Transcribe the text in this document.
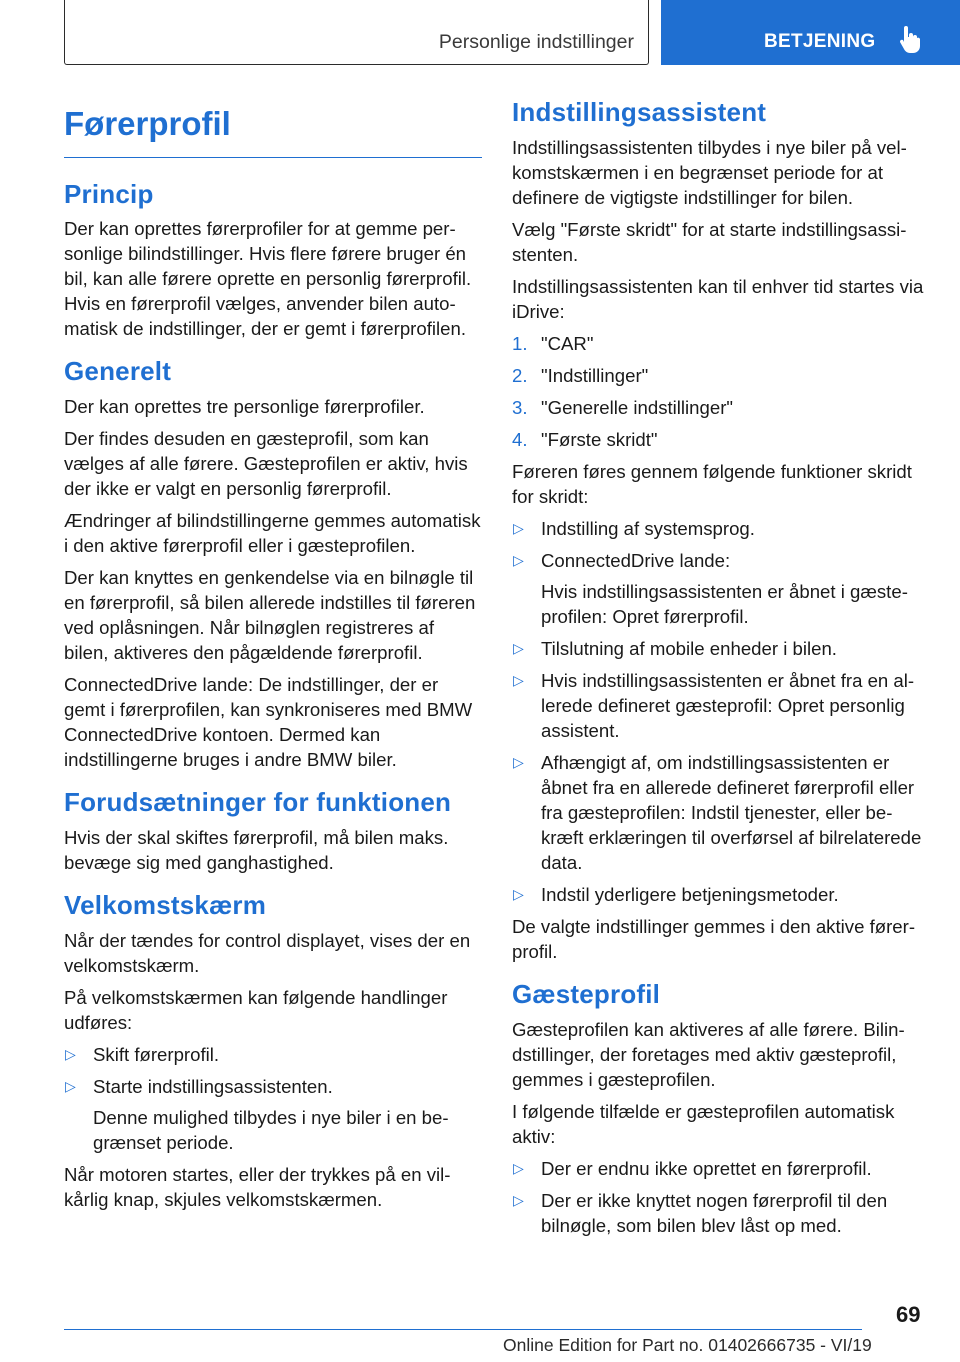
Personlige indstillinger	BETJENING
Førerprofil
Princip

Der kan oprettes førerprofiler for at gemme personlige bilindstillinger. Hvis flere førere bruger én bil, kan alle førere oprette en personlig førerprofil. Hvis en førerprofil vælges, anvender bilen automatisk de indstillinger, der er gemt i førerprofilen.

Generelt

Der kan oprettes tre personlige førerprofiler.

Der findes desuden en gæsteprofil, som kan vælges af alle førere. Gæsteprofilen er aktiv, hvis der ikke er valgt en personlig førerprofil.

Ændringer af bilindstillingerne gemmes automatisk i den aktive førerprofil eller i gæsteprofilen.

Der kan knyttes en genkendelse via en bilnøgle til en førerprofil, så bilen allerede indstilles til føreren ved oplåsningen. Når bilnøglen registreres af bilen, aktiveres den pågældende førerprofil.

ConnectedDrive lande: De indstillinger, der er gemt i førerprofilen, kan synkroniseres med BMW ConnectedDrive kontoen. Dermed kan indstillingerne bruges i andre BMW biler.

Forudsætninger for funktionen

Hvis der skal skiftes førerprofil, må bilen maks. bevæge sig med ganghastighed.

Velkomstskærm

Når der tændes for control displayet, vises der en velkomstskærm.

På velkomstskærmen kan følgende handlinger udføres:

▷ Skift førerprofil.
▷ Starte indstillingsassistenten.
Denne mulighed tilbydes i nye biler i en begrænset periode.

Når motoren startes, eller der trykkes på en vilkårlig knap, skjules velkomstskærmen.

Indstillingsassistent

Indstillingsassistenten tilbydes i nye biler på velkomstskærmen i en begrænset periode for at definere de vigtigste indstillinger for bilen.

Vælg "Første skridt" for at starte indstillingsassistenten.

Indstillingsassistenten kan til enhver tid startes via iDrive:

1. "CAR"
2. "Indstillinger"
3. "Generelle indstillinger"
4. "Første skridt"

Føreren føres gennem følgende funktioner skridt for skridt:

▷ Indstilling af systemsprog.
▷ ConnectedDrive lande:
Hvis indstillingsassistenten er åbnet i gæsteprofilen: Opret førerprofil.
▷ Tilslutning af mobile enheder i bilen.
▷ Hvis indstillingsassistenten er åbnet fra en allerede defineret gæsteprofil: Opret personlig assistent.
▷ Afhængigt af, om indstillingsassistenten er åbnet fra en allerede defineret førerprofil eller fra gæsteprofilen: Indstil tjenester, eller bekræft erklæringen til overførsel af bilrelaterede data.
▷ Indstil yderligere betjeningsmetoder.

De valgte indstillinger gemmes i den aktive førerprofil.

Gæsteprofil

Gæsteprofilen kan aktiveres af alle førere. Bilindstillinger, der foretages med aktiv gæsteprofil, gemmes i gæsteprofilen.

I følgende tilfælde er gæsteprofilen automatisk aktiv:

▷ Der er endnu ikke oprettet en førerprofil.
▷ Der er ikke knyttet nogen førerprofil til den bilnøgle, som bilen blev låst op med.
69
Online Edition for Part no. 01402666735 - VI/19
